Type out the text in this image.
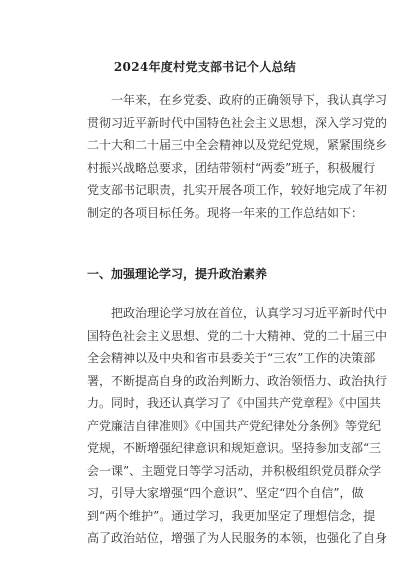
2024年度村党支部书记个人总结
一年来，在乡党委、政府的正确领导下，我认真学习
贯彻习近平新时代中国特色社会主义思想，深入学习党的
二十大和二十届三中全会精神以及党纪党规，紧紧围绕乡
村振兴战略总要求，团结带领村“两委”班子，积极履行
党支部书记职责，扎实开展各项工作，较好地完成了年初
制定的各项目标任务。现将一年来的工作总结如下：
一、加强理论学习，提升政治素养
把政治理论学习放在首位，认真学习习近平新时代中
国特色社会主义思想、党的二十大精神、党的二十届三中
全会精神以及中央和省市县委关于“三农”工作的决策部
署，不断提高自身的政治判断力、政治领悟力、政治执行
力。同时，我还认真学习了《中国共产党章程》《中国共
产党廉洁自律准则》《中国共产党纪律处分条例》等党纪
党规，不断增强纪律意识和规矩意识。坚持参加支部“三
会一课”、主题党日等学习活动，并积极组织党员群众学
习，引导大家增强“四个意识”、坚定“四个自信”，做
到“两个维护”。通过学习，我更加坚定了理想信念，提
高了政治站位，增强了为人民服务的本领，也强化了自身
